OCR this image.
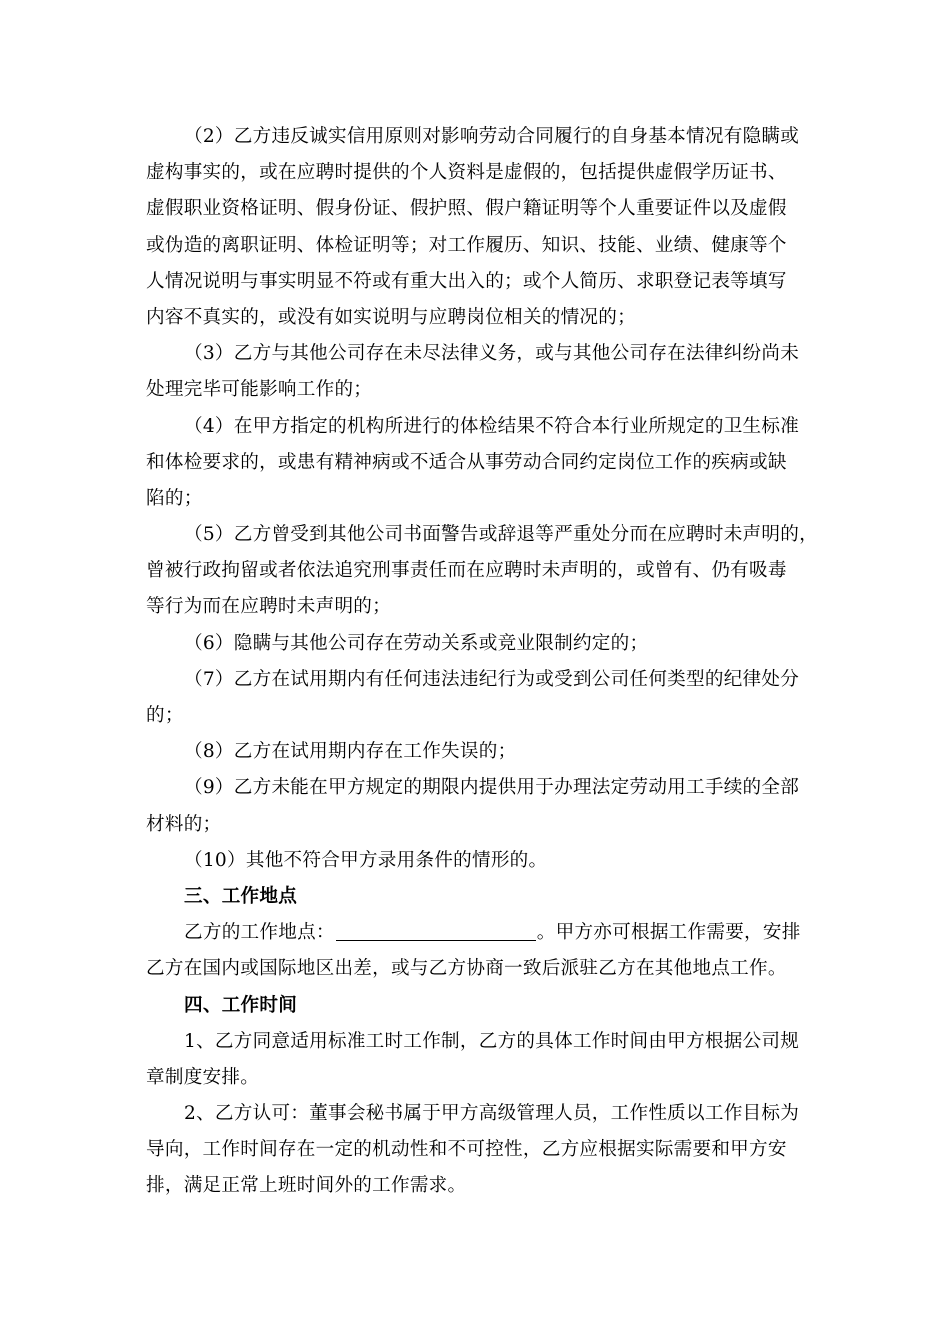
（2）乙方违反诚实信用原则对影响劳动合同履行的自身基本情况有隐瞒或
虚构事实的，或在应聘时提供的个人资料是虚假的，包括提供虚假学历证书、
虚假职业资格证明、假身份证、假护照、假户籍证明等个人重要证件以及虚假
或伪造的离职证明、体检证明等；对工作履历、知识、技能、业绩、健康等个
人情况说明与事实明显不符或有重大出入的；或个人简历、求职登记表等填写
内容不真实的，或没有如实说明与应聘岗位相关的情况的；
（3）乙方与其他公司存在未尽法律义务，或与其他公司存在法律纠纷尚未
处理完毕可能影响工作的；
（4）在甲方指定的机构所进行的体检结果不符合本行业所规定的卫生标准
和体检要求的，或患有精神病或不适合从事劳动合同约定岗位工作的疾病或缺
陷的；
（5）乙方曾受到其他公司书面警告或辞退等严重处分而在应聘时未声明的，
曾被行政拘留或者依法追究刑事责任而在应聘时未声明的，或曾有、仍有吸毒
等行为而在应聘时未声明的；
（6）隐瞒与其他公司存在劳动关系或竞业限制约定的；
（7）乙方在试用期内有任何违法违纪行为或受到公司任何类型的纪律处分
的；
（8）乙方在试用期内存在工作失误的；
（9）乙方未能在甲方规定的期限内提供用于办理法定劳动用工手续的全部
材料的；
（10）其他不符合甲方录用条件的情形的。
三、工作地点
乙方的工作地点：	。甲方亦可根据工作需要，安排
乙方在国内或国际地区出差，或与乙方协商一致后派驻乙方在其他地点工作。
四、工作时间
1、乙方同意适用标准工时工作制，乙方的具体工作时间由甲方根据公司规
章制度安排。
2、乙方认可：董事会秘书属于甲方高级管理人员，工作性质以工作目标为
导向，工作时间存在一定的机动性和不可控性，乙方应根据实际需要和甲方安
排，满足正常上班时间外的工作需求。
